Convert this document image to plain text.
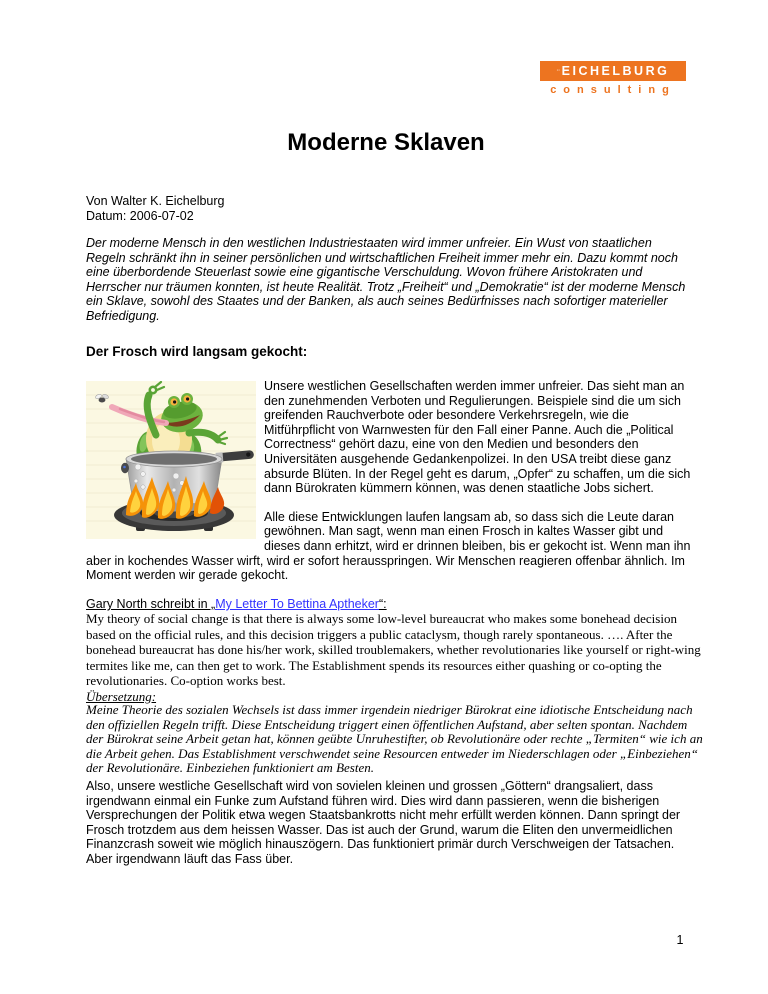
·· EICHELBURG
consulting
Moderne Sklaven
Von Walter K. Eichelburg
Datum: 2006-07-02
Der moderne Mensch in den westlichen Industriestaaten wird immer unfreier. Ein Wust von staatlichen Regeln schränkt ihn in seiner persönlichen und wirtschaftlichen Freiheit immer mehr ein. Dazu kommt noch eine überbordende Steuerlast sowie eine gigantische Verschuldung. Wovon frühere Aristokraten und Herrscher nur träumen konnten, ist heute Realität. Trotz „Freiheit“ und „Demokratie“ ist der moderne Mensch ein Sklave, sowohl des Staates und der Banken, als auch seines Bedürfnisses nach sofortiger materieller Befriedigung.
Der Frosch wird langsam gekocht:
Unsere westlichen Gesellschaften werden immer unfreier. Das sieht man an den zunehmenden Verboten und Regulierungen. Beispiele sind die um sich greifenden Rauchverbote oder besondere Verkehrsregeln, wie die Mitführpflicht von Warnwesten für den Fall einer Panne. Auch die „Political Correctness“ gehört dazu, eine von den Medien und besonders den Universitäten ausgehende Gedankenpolizei. In den USA treibt diese ganz absurde Blüten. In der Regel geht es darum, „Opfer“ zu schaffen, um die sich dann Bürokraten kümmern können, was denen staatliche Jobs sichert.
Alle diese Entwicklungen laufen langsam ab, so dass sich die Leute daran gewöhnen. Man sagt, wenn man einen Frosch in kaltes Wasser gibt und dieses dann erhitzt, wird er drinnen bleiben, bis er gekocht ist. Wenn man ihn aber in kochendes Wasser wirft, wird er sofort herausspringen. Wir Menschen reagieren offenbar ähnlich. Im Moment werden wir gerade gekocht.
Gary North schreibt in „My Letter To Bettina Aptheker“:
My theory of social change is that there is always some low-level bureaucrat who makes some bonehead decision based on the official rules, and this decision triggers a public cataclysm, though rarely spontaneous. …. After the bonehead bureaucrat has done his/her work, skilled troublemakers, whether revolutionaries like yourself or right-wing termites like me, can then get to work. The Establishment spends its resources either quashing or co-opting the revolutionaries. Co-option works best.
Übersetzung:
Meine Theorie des sozialen Wechsels ist dass immer irgendein niedriger Bürokrat eine idiotische Entscheidung nach den offiziellen Regeln trifft. Diese Entscheidung triggert einen öffentlichen Aufstand, aber selten spontan. Nachdem der Bürokrat seine Arbeit getan hat, können geübte Unruhestifter, ob Revolutionäre oder rechte „Termiten“ wie ich an die Arbeit gehen. Das Establishment verschwendet seine Resourcen entweder im Niederschlagen oder „Einbeziehen“ der Revolutionäre. Einbeziehen funktioniert am Besten.
Also, unsere westliche Gesellschaft wird von sovielen kleinen und grossen „Göttern“ drangsaliert, dass irgendwann einmal ein Funke zum Aufstand führen wird. Dies wird dann passieren, wenn die bisherigen Versprechungen der Politik etwa wegen Staatsbankrotts nicht mehr erfüllt werden können. Dann springt der Frosch trotzdem aus dem heissen Wasser. Das ist auch der Grund, warum die Eliten den unvermeidlichen Finanzcrash soweit wie möglich hinauszögern. Das funktioniert primär durch Verschweigen der Tatsachen. Aber irgendwann läuft das Fass über.
1
